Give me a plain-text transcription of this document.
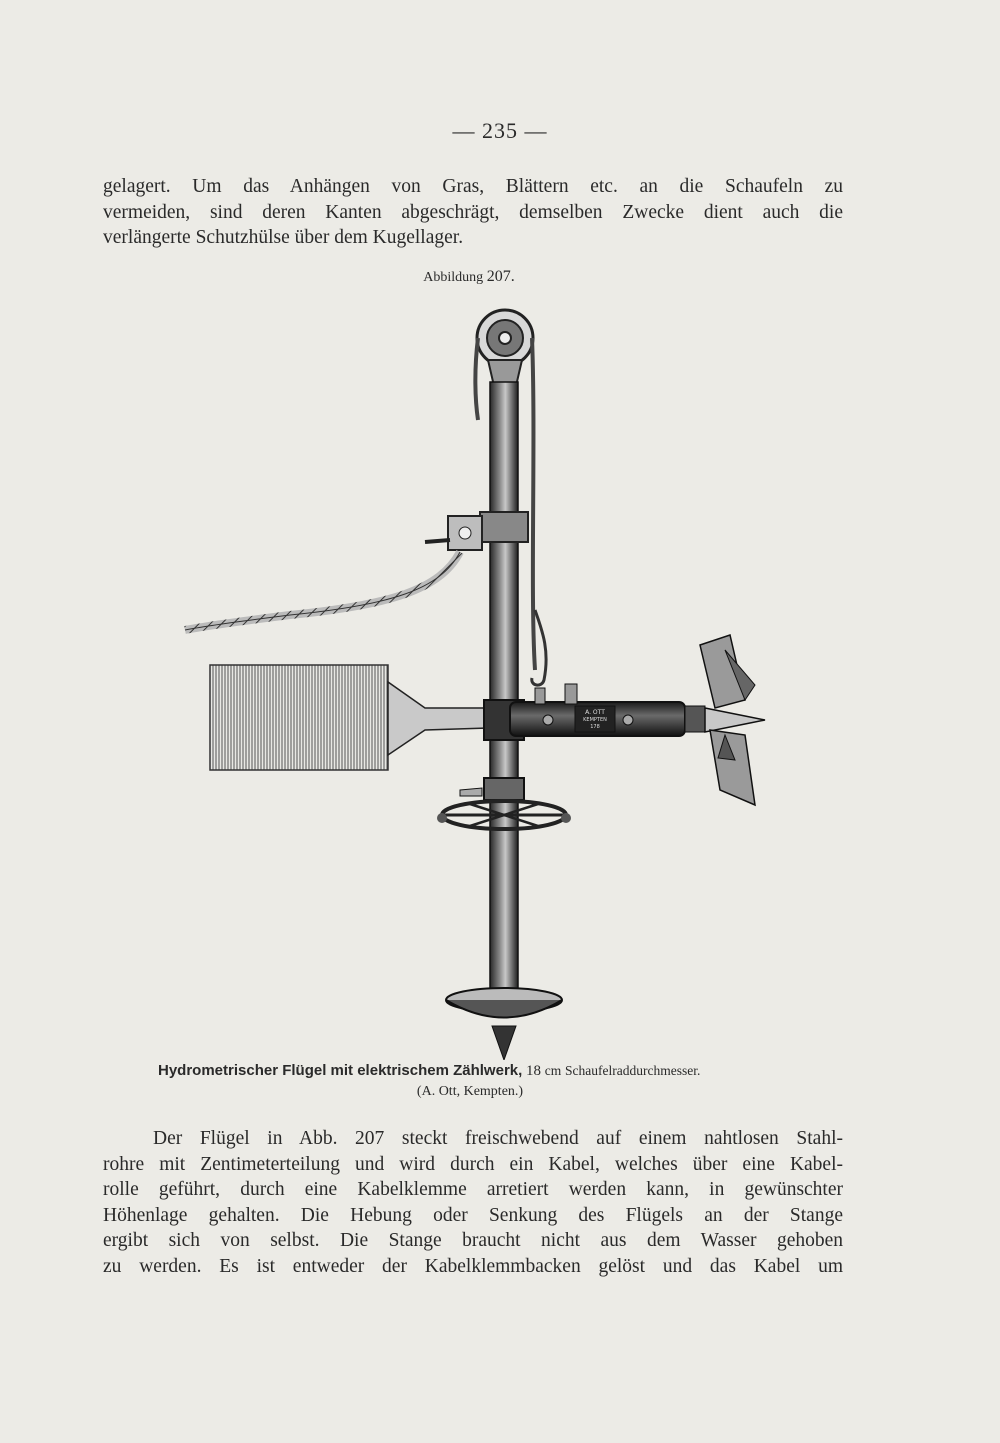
— 235 —
gelagert. Um das Anhängen von Gras, Blättern etc. an die Schaufeln zu
vermeiden, sind deren Kanten abgeschrägt, demselben Zwecke dient auch die
verlängerte Schutzhülse über dem Kugellager.
Abbildung 207.
A. OTT
KEMPTEN
178
Hydrometrischer Flügel mit elektrischem Zählwerk, 18 cm Schaufelraddurchmesser.
(A. Ott, Kempten.)
Der Flügel in Abb. 207 steckt freischwebend auf einem nahtlosen Stahl-
rohre mit Zentimeterteilung und wird durch ein Kabel, welches über eine Kabel-
rolle geführt, durch eine Kabelklemme arretiert werden kann, in gewünschter
Höhenlage gehalten. Die Hebung oder Senkung des Flügels an der Stange
ergibt sich von selbst. Die Stange braucht nicht aus dem Wasser gehoben
zu werden. Es ist entweder der Kabelklemmbacken gelöst und das Kabel um
